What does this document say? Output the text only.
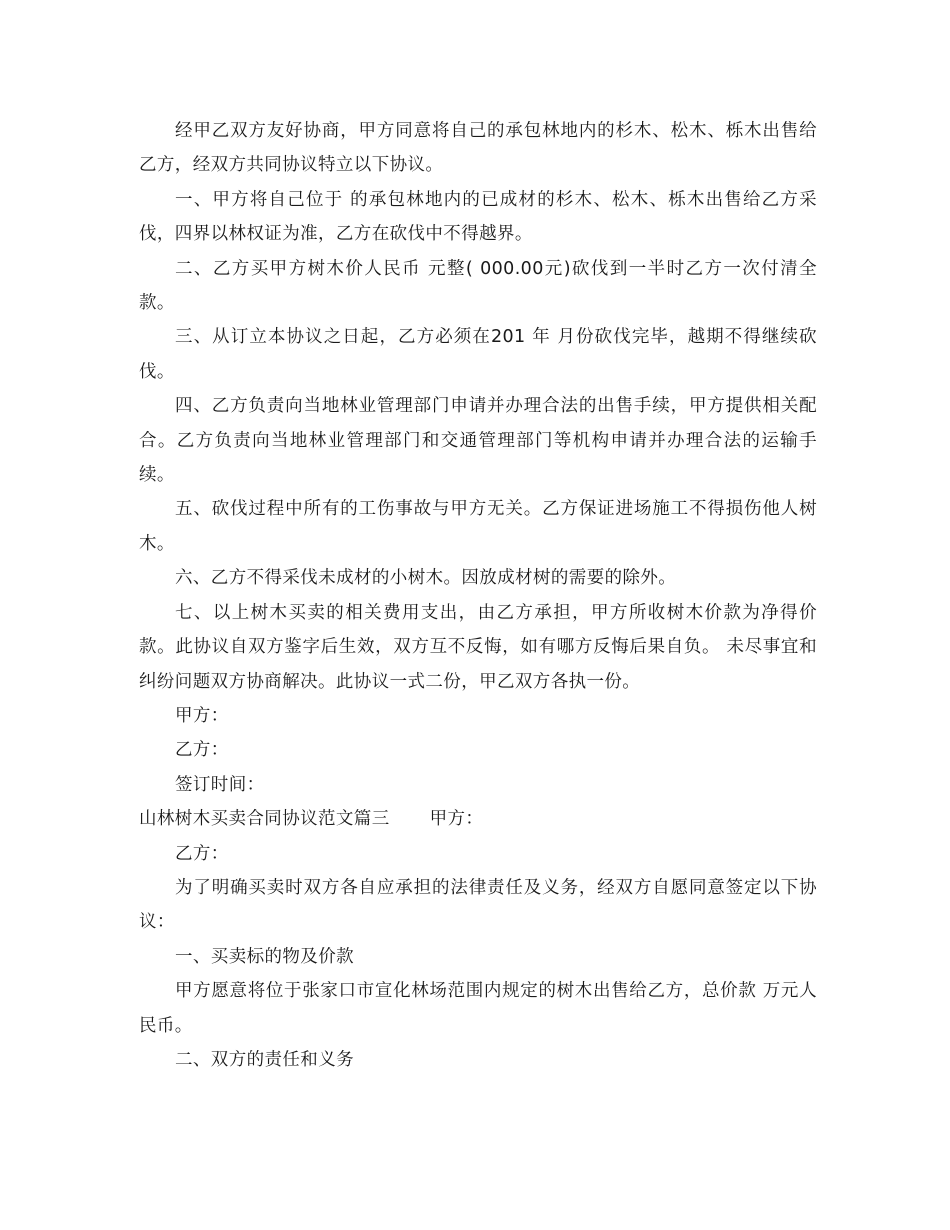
经甲乙双方友好协商，甲方同意将自己的承包林地内的杉木、松木、栎木出售给乙方，经双方共同协议特立以下协议。

一、甲方将自己位于 的承包林地内的已成材的杉木、松木、栎木出售给乙方采伐，四界以林权证为准，乙方在砍伐中不得越界。

二、乙方买甲方树木价人民币 元整( 000.00元)砍伐到一半时乙方一次付清全款。

三、从订立本协议之日起，乙方必须在201 年 月份砍伐完毕，越期不得继续砍伐。

四、乙方负责向当地林业管理部门申请并办理合法的出售手续，甲方提供相关配合。乙方负责向当地林业管理部门和交通管理部门等机构申请并办理合法的运输手续。

五、砍伐过程中所有的工伤事故与甲方无关。乙方保证进场施工不得损伤他人树木。

六、乙方不得采伐未成材的小树木。因放成材树的需要的除外。

七、以上树木买卖的相关费用支出，由乙方承担，甲方所收树木价款为净得价款。此协议自双方鉴字后生效，双方互不反悔，如有哪方反悔后果自负。 未尽事宜和纠纷问题双方协商解决。此协议一式二份，甲乙双方各执一份。

甲方：

乙方：

签订时间：

山林树木买卖合同协议范文篇三 甲方：

乙方：

为了明确买卖时双方各自应承担的法律责任及义务，经双方自愿同意签定以下协议：

一、买卖标的物及价款

甲方愿意将位于张家口市宣化林场范围内规定的树木出售给乙方，总价款 万元人民币。

二、双方的责任和义务
